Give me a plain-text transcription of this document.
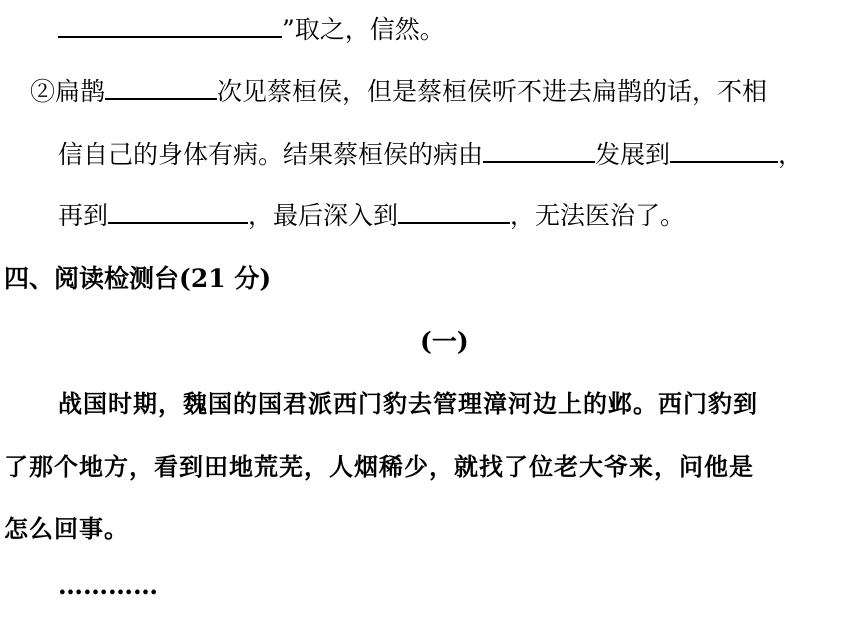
”取之，信然。
②扁鹊	次见蔡桓侯，但是蔡桓侯听不进去扁鹊的话，不相
信自己的身体有病。结果蔡桓侯的病由	发展到	，
再到	，最后深入到	，无法医治了。
四、阅读检测台(21 分)
(一)
战国时期，魏国的国君派西门豹去管理漳河边上的邺。西门豹到
了那个地方，看到田地荒芜，人烟稀少，就找了位老大爷来，问他是
怎么回事。
…………
